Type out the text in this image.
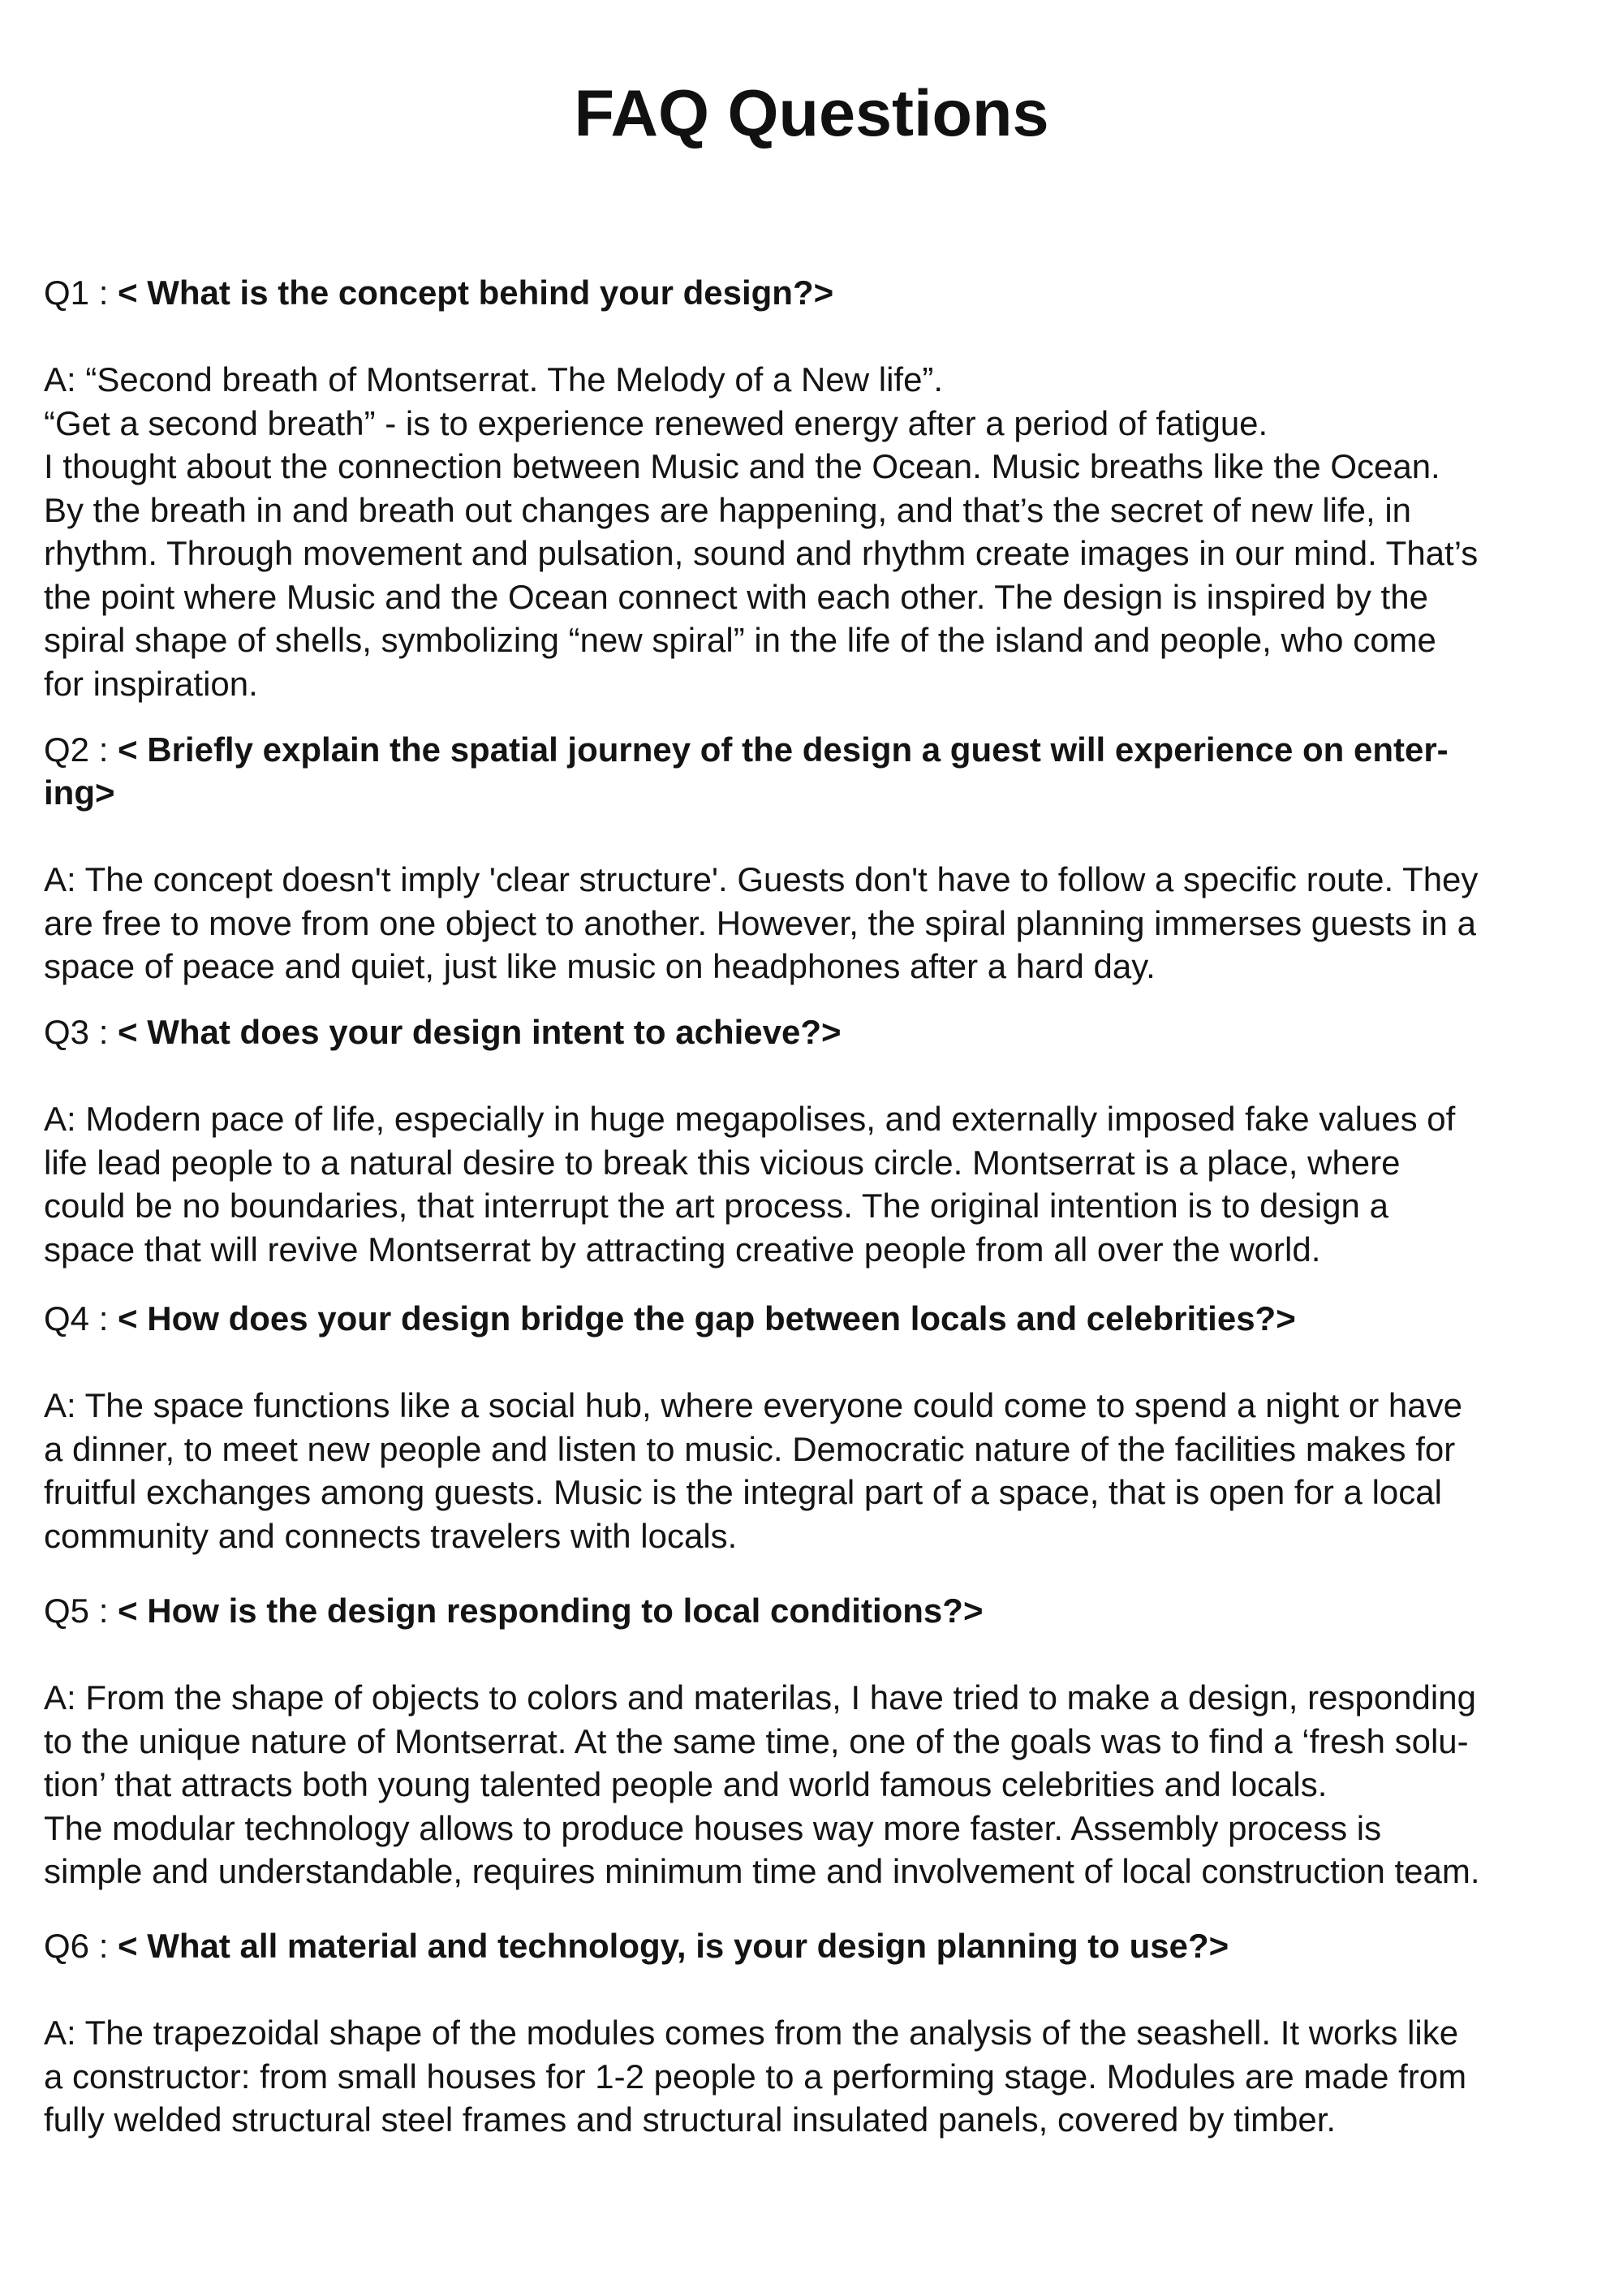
FAQ Questions

Q1 : < What is the concept behind your design?>

A: “Second breath of Montserrat. The Melody of a New life”.
“Get a second breath” - is to experience renewed energy after a period of fatigue.
I thought about the connection between Music and the Ocean. Music breaths like the Ocean.
By the breath in and breath out changes are happening, and that’s the secret of new life, in
rhythm. Through movement and pulsation, sound and rhythm create images in our mind. That’s
the point where Music and the Ocean connect with each other. The design is inspired by the
spiral shape of shells, symbolizing “new spiral” in the life of the island and people, who come
for inspiration.

Q2 : < Briefly explain the spatial journey of the design a guest will experience on enter-
ing>

A: The concept doesn't imply 'clear structure'. Guests don't have to follow a specific route. They
are free to move from one object to another. However, the spiral planning immerses guests in a
space of peace and quiet, just like music on headphones after a hard day.

Q3 : < What does your design intent to achieve?>

A: Modern pace of life, especially in huge megapolises, and externally imposed fake values of
life lead people to a natural desire to break this vicious circle. Montserrat is a place, where
could be no boundaries, that interrupt the art process. The original intention is to design a
space that will revive Montserrat by attracting creative people from all over the world.

Q4 : < How does your design bridge the gap between locals and celebrities?>

A: The space functions like a social hub, where everyone could come to spend a night or have
a dinner, to meet new people and listen to music. Democratic nature of the facilities makes for
fruitful exchanges among guests. Music is the integral part of a space, that is open for a local
community and connects travelers with locals.

Q5 : < How is the design responding to local conditions?>

A: From the shape of objects to colors and materilas, I have tried to make a design, responding
to the unique nature of Montserrat. At the same time, one of the goals was to find a ‘fresh solu-
tion’ that attracts both young talented people and world famous celebrities and locals.
The modular technology allows to produce houses way more faster. Assembly process is
simple and understandable, requires minimum time and involvement of local construction team.

Q6 : < What all material and technology, is your design planning to use?>

A: The trapezoidal shape of the modules comes from the analysis of the seashell. It works like
a constructor: from small houses for 1-2 people to a performing stage. Modules are made from
fully welded structural steel frames and structural insulated panels, covered by timber.
